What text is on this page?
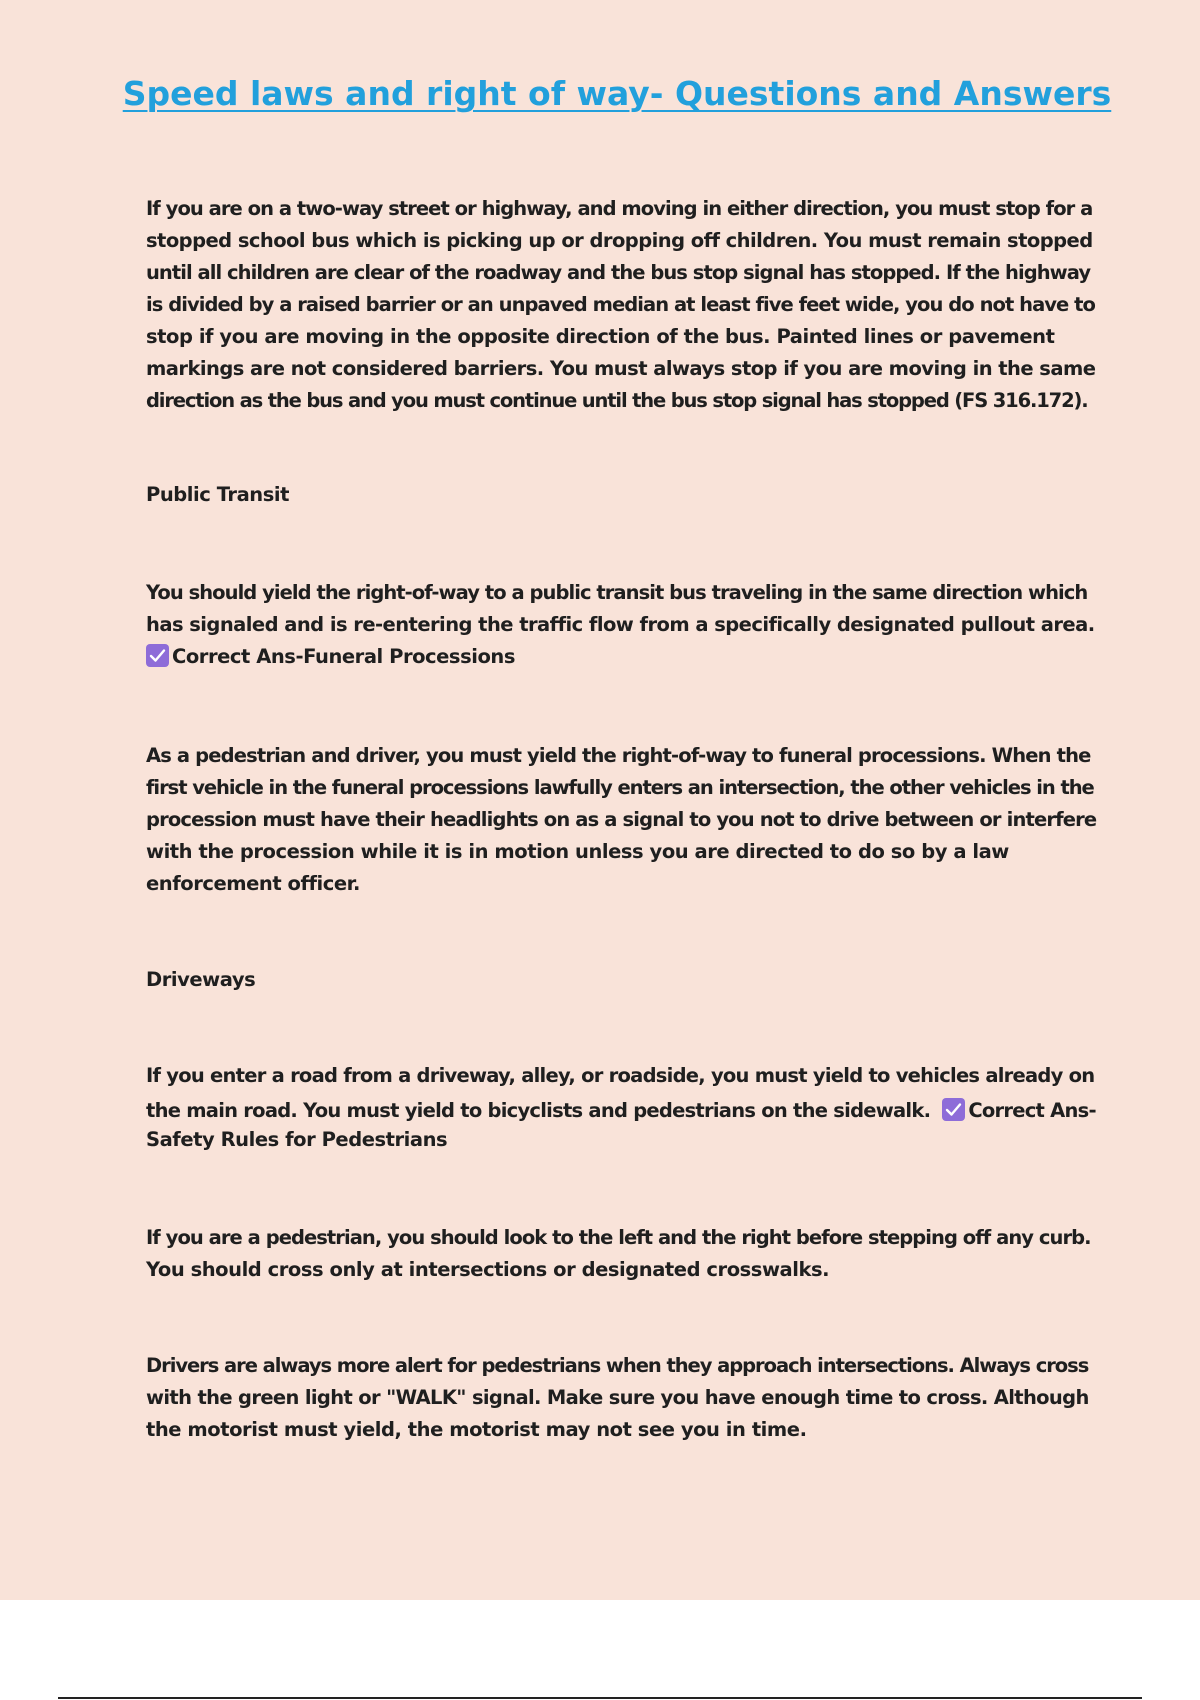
Speed laws and right of way- Questions and Answers
If you are on a two-way street or highway, and moving in either direction, you must stop for a
stopped school bus which is picking up or dropping off children. You must remain stopped
until all children are clear of the roadway and the bus stop signal has stopped. If the highway
is divided by a raised barrier or an unpaved median at least five feet wide, you do not have to
stop if you are moving in the opposite direction of the bus. Painted lines or pavement
markings are not considered barriers. You must always stop if you are moving in the same
direction as the bus and you must continue until the bus stop signal has stopped (FS 316.172).
Public Transit
You should yield the right-of-way to a public transit bus traveling in the same direction which
has signaled and is re-entering the traffic flow from a specifically designated pullout area.
Correct Ans-Funeral Processions
As a pedestrian and driver, you must yield the right-of-way to funeral processions. When the
first vehicle in the funeral processions lawfully enters an intersection, the other vehicles in the
procession must have their headlights on as a signal to you not to drive between or interfere
with the procession while it is in motion unless you are directed to do so by a law
enforcement officer.
Driveways
If you enter a road from a driveway, alley, or roadside, you must yield to vehicles already on
the main road. You must yield to bicyclists and pedestrians on the sidewalk. Correct Ans-
Safety Rules for Pedestrians
If you are a pedestrian, you should look to the left and the right before stepping off any curb.
You should cross only at intersections or designated crosswalks.
Drivers are always more alert for pedestrians when they approach intersections. Always cross
with the green light or "WALK" signal. Make sure you have enough time to cross. Although
the motorist must yield, the motorist may not see you in time.
